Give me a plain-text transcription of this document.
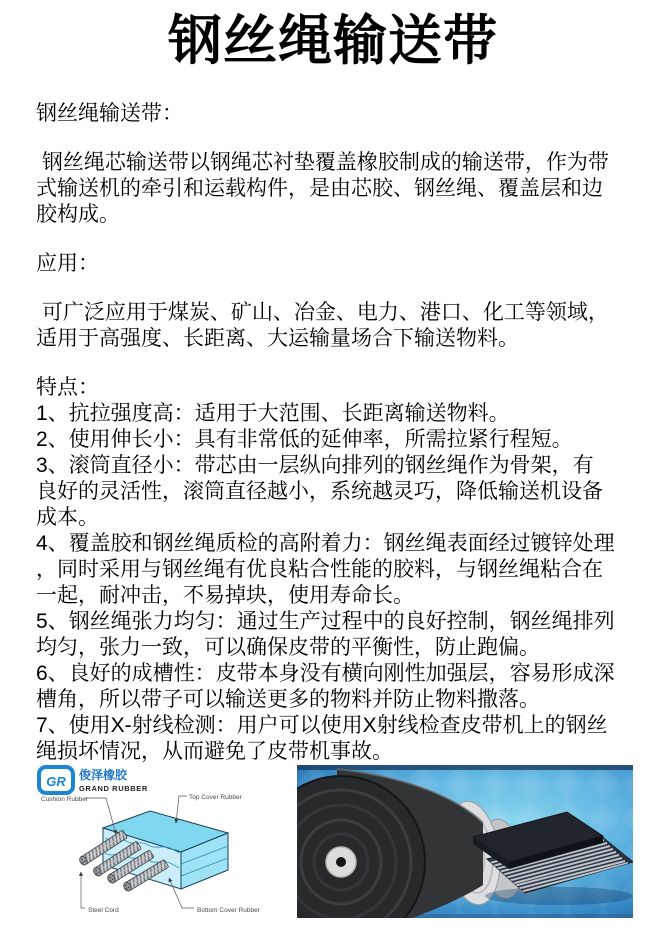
钢丝绳输送带
钢丝绳输送带：

钢丝绳芯输送带以钢绳芯衬垫覆盖橡胶制成的输送带，作为带
式输送机的牵引和运载构件，是由芯胶、钢丝绳、覆盖层和边
胶构成。

应用：

可广泛应用于煤炭、矿山、冶金、电力、港口、化工等领域，
适用于高强度、长距离、大运输量场合下输送物料。

特点：
1、抗拉强度高：适用于大范围、长距离输送物料。
2、使用伸长小：具有非常低的延伸率，所需拉紧行程短。
3、滚筒直径小：带芯由一层纵向排列的钢丝绳作为骨架，有
良好的灵活性，滚筒直径越小，系统越灵巧，降低输送机设备
成本。
4、覆盖胶和钢丝绳质检的高附着力：钢丝绳表面经过镀锌处理
，同时采用与钢丝绳有优良粘合性能的胶料，与钢丝绳粘合在
一起，耐冲击，不易掉块，使用寿命长。
5、钢丝绳张力均匀：通过生产过程中的良好控制，钢丝绳排列
均匀，张力一致，可以确保皮带的平衡性，防止跑偏。
6、良好的成槽性：皮带本身没有横向刚性加强层，容易形成深
槽角，所以带子可以输送更多的物料并防止物料撒落。
7、使用X-射线检测：用户可以使用X射线检查皮带机上的钢丝
绳损坏情况，从而避免了皮带机事故。
GR 俊泽橡胶
GRAND RUBBER
Cushion Rubber	Top Cover Rubber
Steel Cord	Bottom Cover Rubber
